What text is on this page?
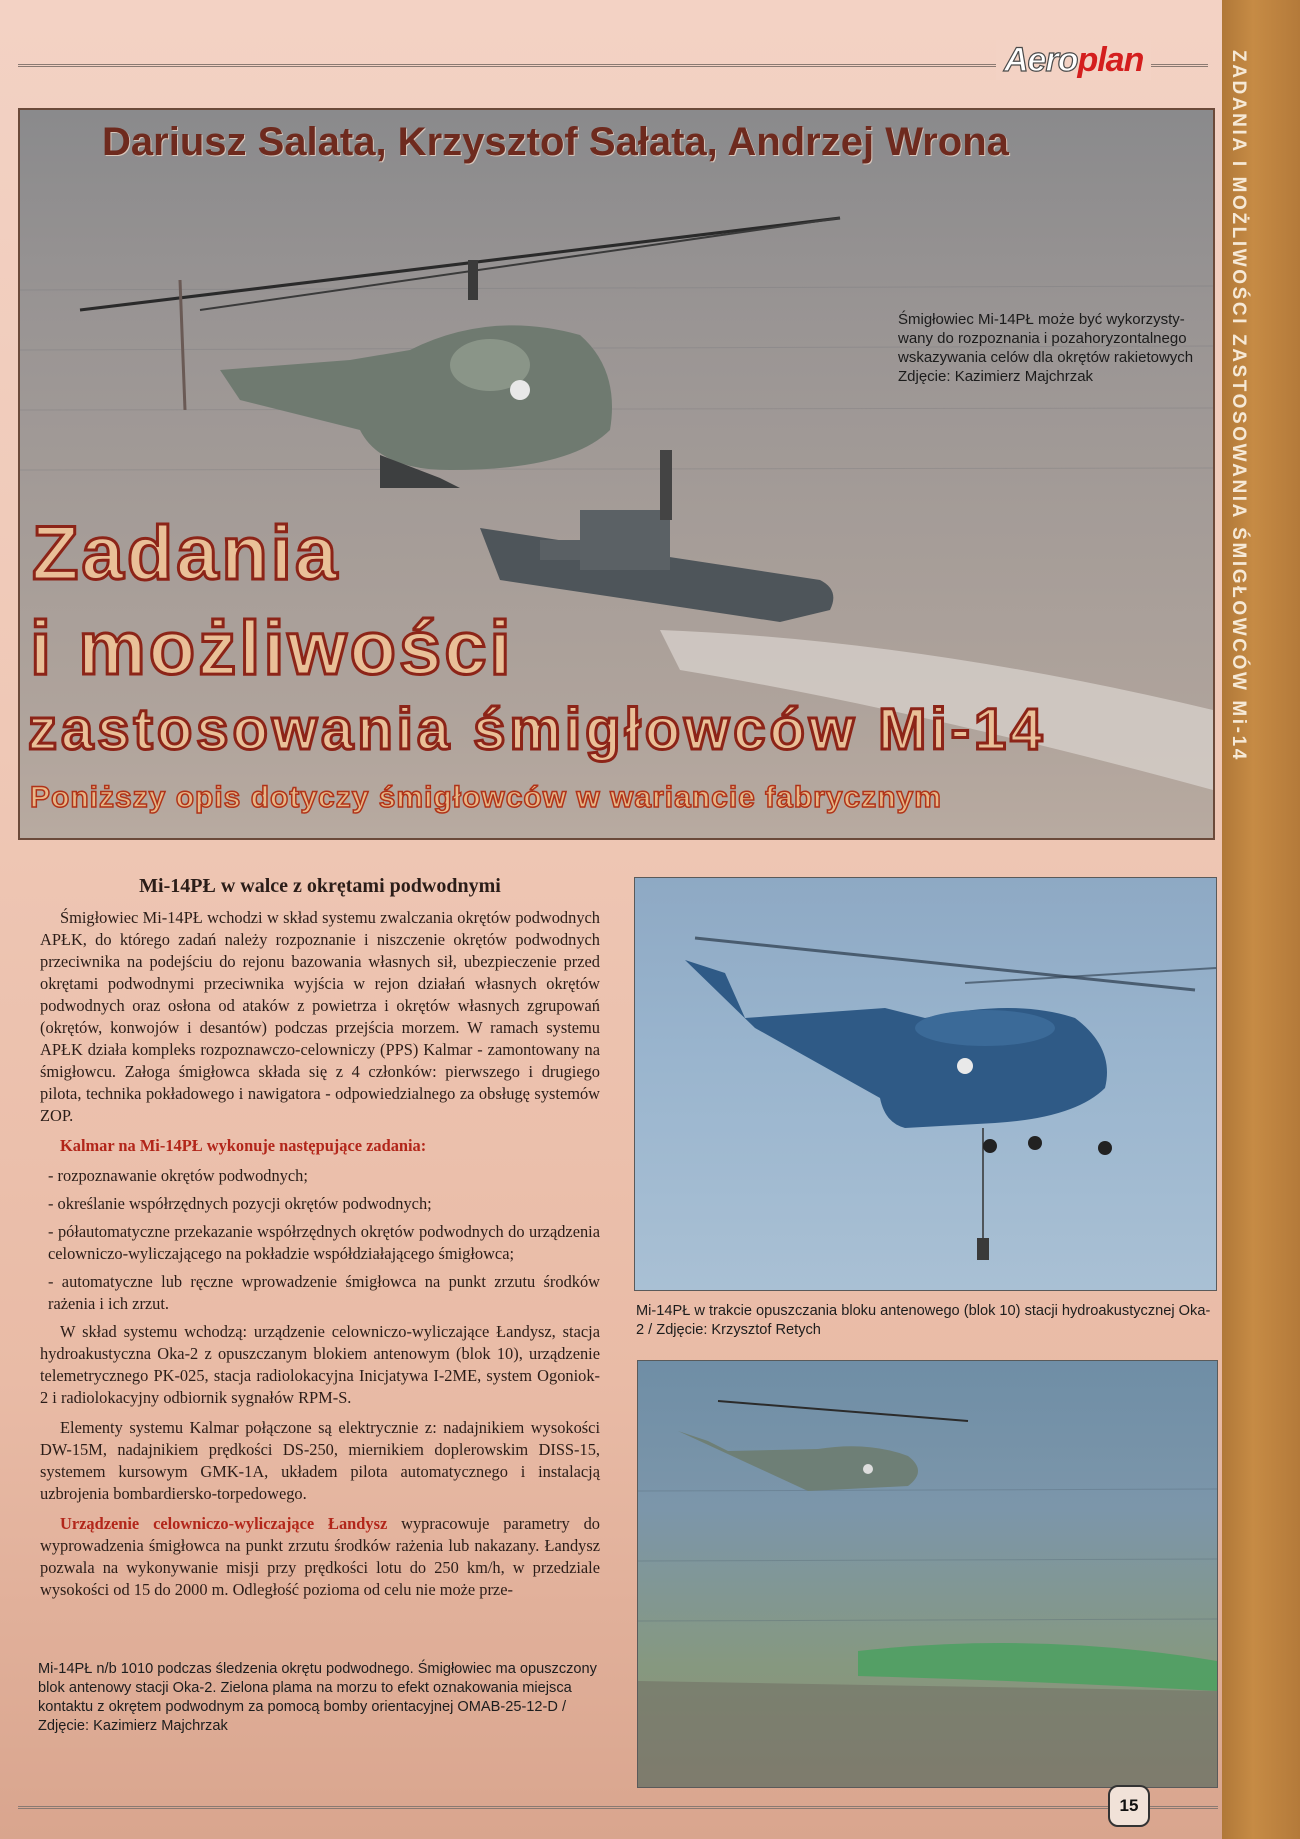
ZADANIA I MOŻLIWOŚCI ZASTOSOWANIA ŚMIGŁOWCÓW Mi-14
Aeroplan
Dariusz Salata, Krzysztof Sałata, Andrzej Wrona
Śmigłowiec Mi-14PŁ może być wykorzysty-wany do rozpoznania i pozahoryzontalnego wskazywania celów dla okrętów rakietowych Zdjęcie: Kazimierz Majchrzak
Zadania
i możliwości
zastosowania śmigłowców Mi-14
Poniższy opis dotyczy śmigłowców w wariancie fabrycznym
Mi-14PŁ w walce z okrętami podwodnymi

Śmigłowiec Mi-14PŁ wchodzi w skład systemu zwalczania okrętów podwodnych APŁK, do którego zadań należy rozpoznanie i niszczenie okrętów podwodnych przeciwnika na podejściu do rejonu bazowania własnych sił, ubezpieczenie przed okrętami podwodnymi przeciwnika wyjścia w rejon działań własnych okrętów podwodnych oraz osłona od ataków z powietrza i okrętów własnych zgrupowań (okrętów, konwojów i desantów) podczas przejścia morzem. W ramach systemu APŁK działa kompleks rozpoznawczo-celowniczy (PPS) Kalmar - zamontowany na śmigłowcu. Załoga śmigłowca składa się z 4 członków: pierwszego i drugiego pilota, technika pokładowego i nawigatora - odpowiedzialnego za obsługę systemów ZOP.

Kalmar na Mi-14PŁ wykonuje następujące zadania:

- rozpoznawanie okrętów podwodnych;

- określanie współrzędnych pozycji okrętów podwodnych;

- półautomatyczne przekazanie współrzędnych okrętów podwodnych do urządzenia celowniczo-wyliczającego na pokładzie współdziałającego śmigłowca;

- automatyczne lub ręczne wprowadzenie śmigłowca na punkt zrzutu środków rażenia i ich zrzut.

W skład systemu wchodzą: urządzenie celowniczo-wyliczające Łandysz, stacja hydroakustyczna Oka-2 z opuszczanym blokiem antenowym (blok 10), urządzenie telemetrycznego PK-025, stacja radiolokacyjna Inicjatywa I-2ME, system Ogoniok-2 i radiolokacyjny odbiornik sygnałów RPM-S.

Elementy systemu Kalmar połączone są elektrycznie z: nadajnikiem wysokości DW-15M, nadajnikiem prędkości DS-250, miernikiem doplerowskim DISS-15, systemem kursowym GMK-1A, układem pilota automatycznego i instalacją uzbrojenia bombardiersko-torpedowego.

Urządzenie celowniczo-wyliczające Łandysz wypracowuje parametry do wyprowadzenia śmigłowca na punkt zrzutu środków rażenia lub nakazany. Łandysz pozwala na wykonywanie misji przy prędkości lotu do 250 km/h, w przedziale wysokości od 15 do 2000 m. Odległość pozioma od celu nie może prze-

Mi-14PŁ w trakcie opuszczania bloku antenowego (blok 10) stacji hydroakustycznej Oka-2 / Zdjęcie: Krzysztof Retych
Mi-14PŁ n/b 1010 podczas śledzenia okrętu podwodnego. Śmigłowiec ma opuszczony blok antenowy stacji Oka-2. Zielona plama na morzu to efekt oznakowania miejsca kontaktu z okrętem podwodnym za pomocą bomby orientacyjnej OMAB-25-12-D / Zdjęcie: Kazimierz Majchrzak
15
